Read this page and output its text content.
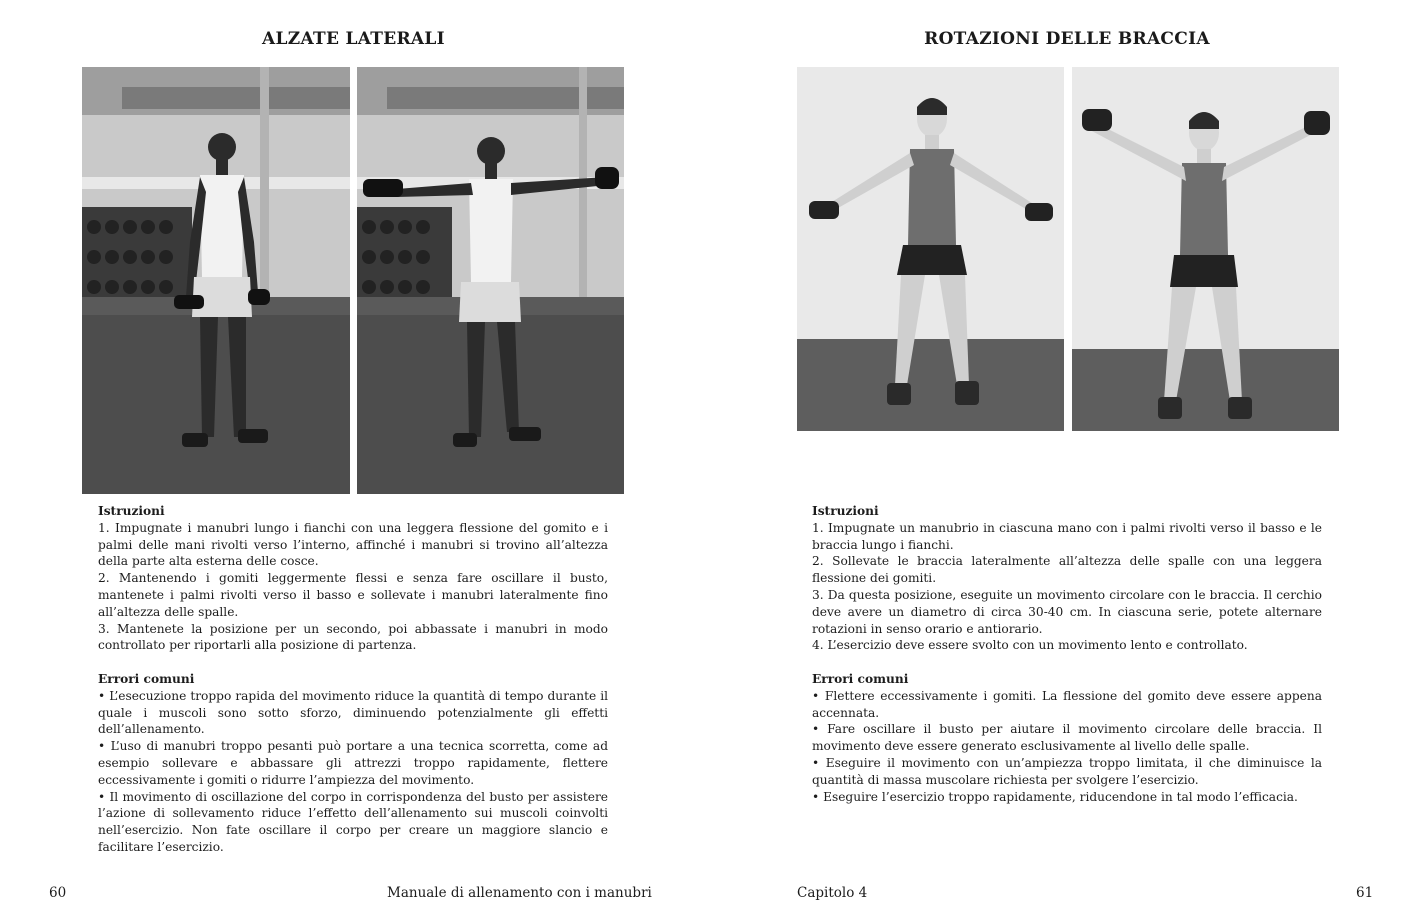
ALZATE LATERALI

Istruzioni

1. Impugnate i manubri lungo i fianchi con una leggera flessione del gomito e i palmi delle mani rivolti verso l’interno, affinché i manubri si trovino all’altezza della parte alta esterna delle cosce.

2. Mantenendo i gomiti leggermente flessi e senza fare oscillare il busto, mantenete i palmi rivolti verso il basso e sollevate i manubri lateralmente fino all’altezza delle spalle.

3. Mantenete la posizione per un secondo, poi abbassate i manubri in modo controllato per riportarli alla posizione di partenza.

Errori comuni

• L’esecuzione troppo rapida del movimento riduce la quantità di tempo durante il quale i muscoli sono sotto sforzo, diminuendo potenzialmente gli effetti dell’allenamento.

• L’uso di manubri troppo pesanti può portare a una tecnica scorretta, come ad esempio sollevare e abbassare gli attrezzi troppo rapidamente, flettere eccessivamente i gomiti o ridurre l’ampiezza del movimento.

• Il movimento di oscillazione del corpo in corrispondenza del busto per assistere l’azione di sollevamento riduce l’effetto dell’allenamento sui muscoli coinvolti nell’esercizio. Non fate oscillare il corpo per creare un maggiore slancio e facilitare l’esercizio.

60	Manuale di allenamento con i manubri
ROTAZIONI DELLE BRACCIA

Istruzioni

1. Impugnate un manubrio in ciascuna mano con i palmi rivolti verso il basso e le braccia lungo i fianchi.

2. Sollevate le braccia lateralmente all’altezza delle spalle con una leggera flessione dei gomiti.

3. Da questa posizione, eseguite un movimento circolare con le braccia. Il cerchio deve avere un diametro di circa 30-40 cm. In ciascuna serie, potete alternare rotazioni in senso orario e antiorario.

4. L’esercizio deve essere svolto con un movimento lento e controllato.

Errori comuni

• Flettere eccessivamente i gomiti. La flessione del gomito deve essere appena accennata.

• Fare oscillare il busto per aiutare il movimento circolare delle braccia. Il movimento deve essere generato esclusivamente al livello delle spalle.

• Eseguire il movimento con un’ampiezza troppo limitata, il che diminuisce la quantità di massa muscolare richiesta per svolgere l’esercizio.

• Eseguire l’esercizio troppo rapidamente, riducendone in tal modo l’efficacia.

Capitolo 4	61
